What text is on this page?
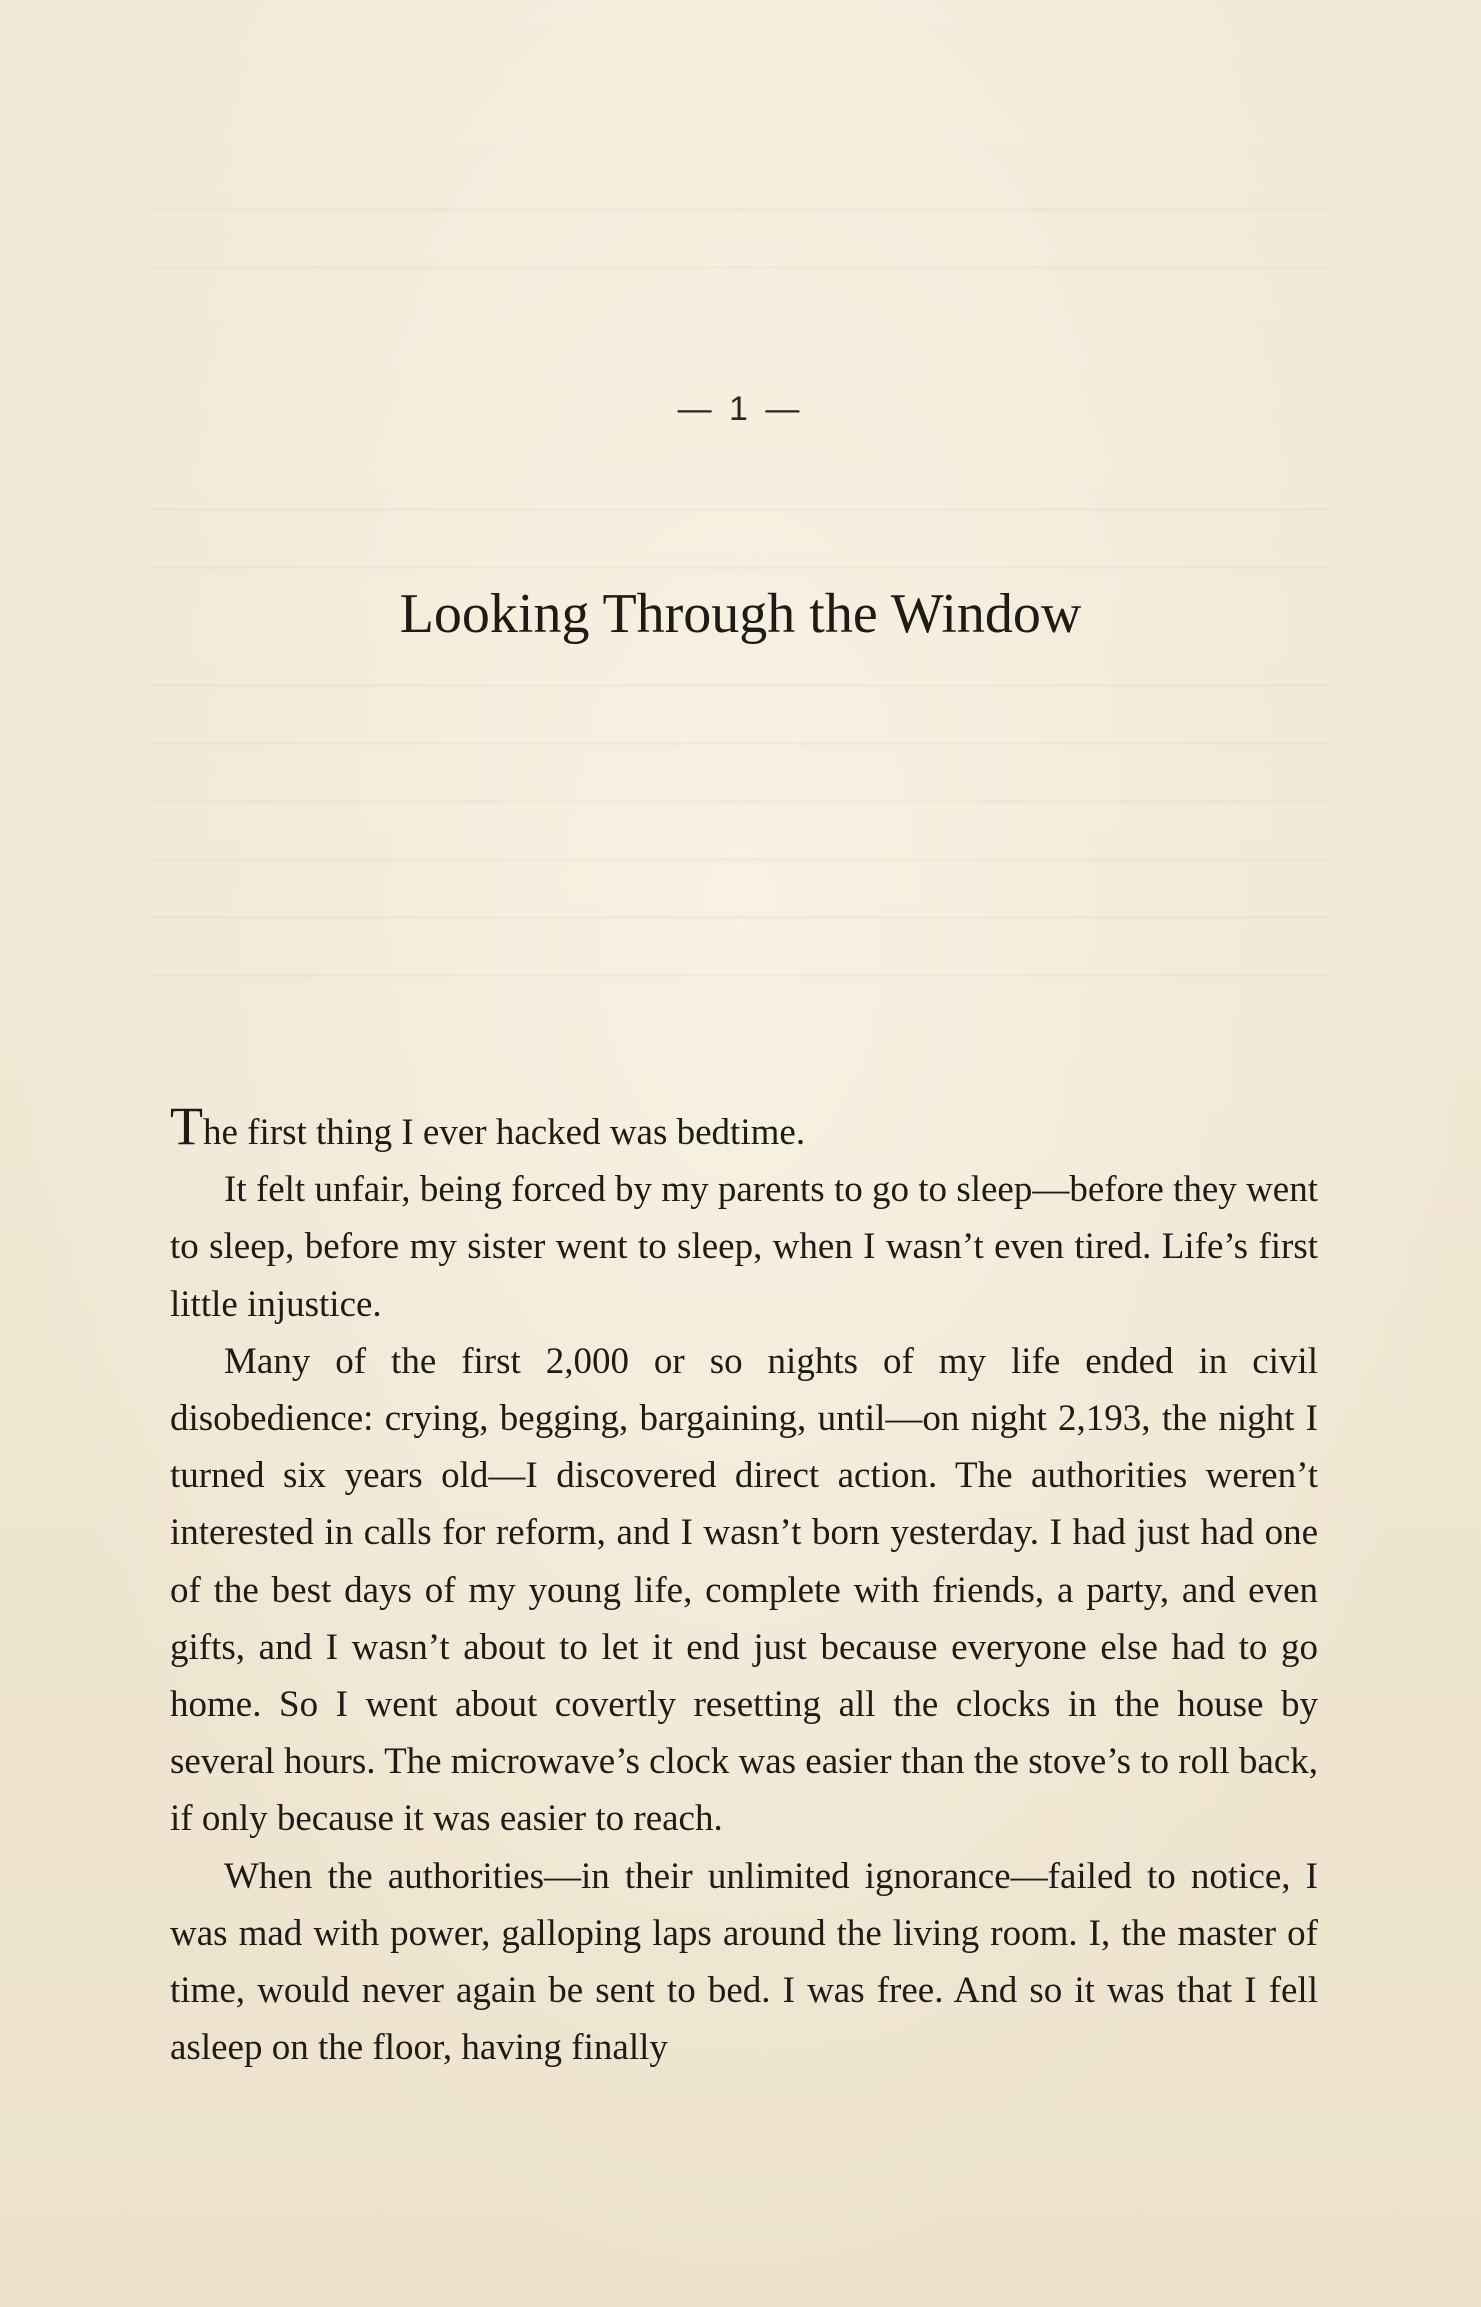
— 1 —
Looking Through the Window

The first thing I ever hacked was bedtime.

It felt unfair, being forced by my parents to go to sleep—before they went to sleep, before my sister went to sleep, when I wasn’t even tired. Life’s first little injustice.

Many of the first 2,000 or so nights of my life ended in civil disobedience: crying, begging, bargaining, until—on night 2,193, the night I turned six years old—I discovered direct action. The authorities weren’t interested in calls for reform, and I wasn’t born yesterday. I had just had one of the best days of my young life, complete with friends, a party, and even gifts, and I wasn’t about to let it end just because everyone else had to go home. So I went about covertly resetting all the clocks in the house by several hours. The microwave’s clock was easier than the stove’s to roll back, if only because it was easier to reach.

When the authorities—in their unlimited ignorance—failed to notice, I was mad with power, galloping laps around the living room. I, the master of time, would never again be sent to bed. I was free. And so it was that I fell asleep on the floor, having finally
